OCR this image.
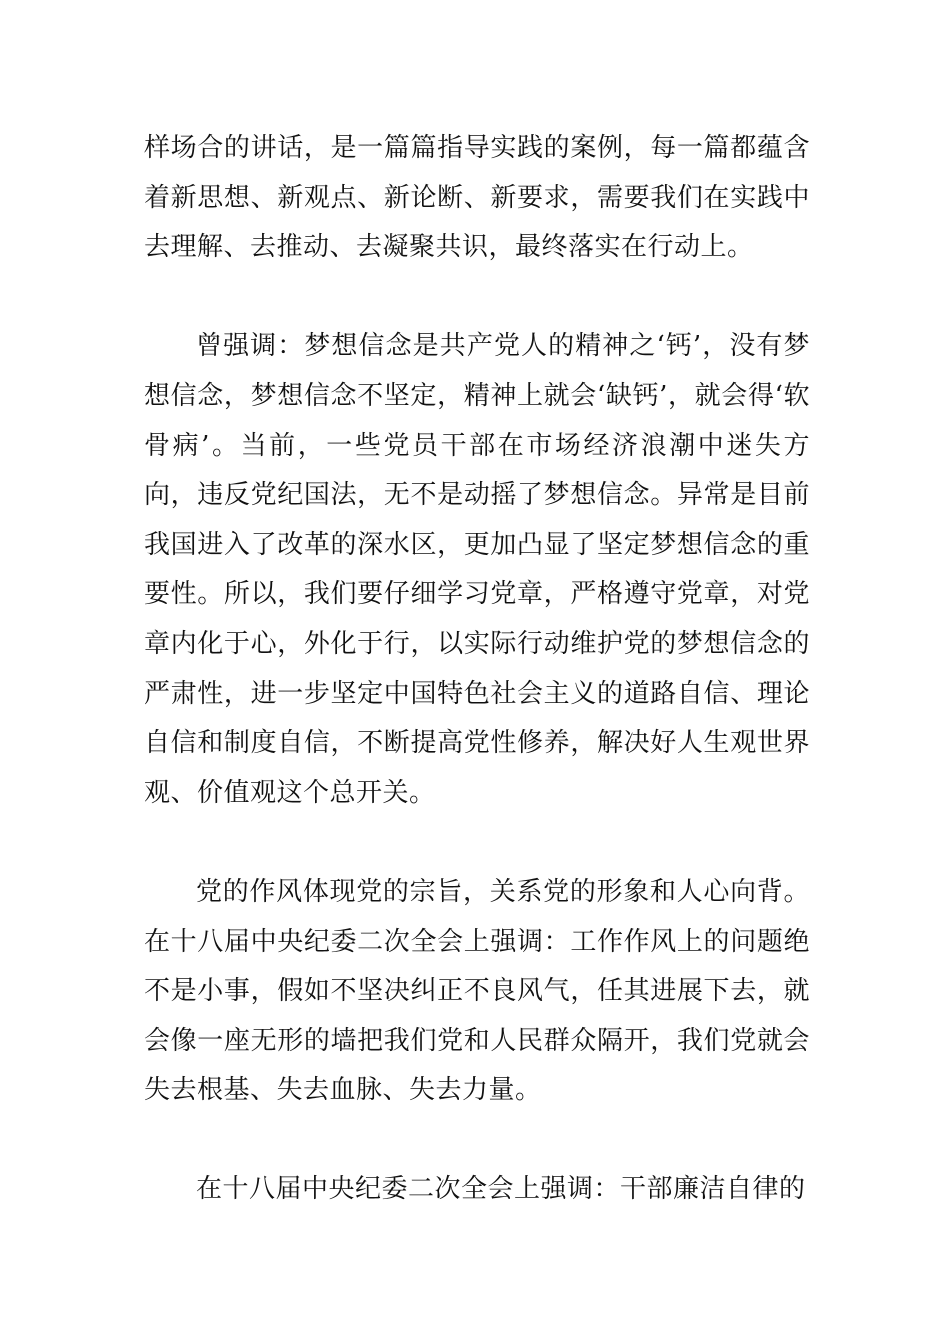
样场合的讲话，是一篇篇指导实践的案例，每一篇都蕴含着新思想、新观点、新论断、新要求，需要我们在实践中去理解、去推动、去凝聚共识，最终落实在行动上。

曾强调：梦想信念是共产党人的精神之‘钙’，没有梦想信念，梦想信念不坚定，精神上就会‘缺钙’，就会得‘软骨病’。当前，一些党员干部在市场经济浪潮中迷失方向，违反党纪国法，无不是动摇了梦想信念。异常是目前我国进入了改革的深水区，更加凸显了坚定梦想信念的重要性。所以，我们要仔细学习党章，严格遵守党章，对党章内化于心，外化于行，以实际行动维护党的梦想信念的严肃性，进一步坚定中国特色社会主义的道路自信、理论自信和制度自信，不断提高党性修养，解决好人生观世界观、价值观这个总开关。

党的作风体现党的宗旨，关系党的形象和人心向背。在十八届中央纪委二次全会上强调：工作作风上的问题绝不是小事，假如不坚决纠正不良风气，任其进展下去，就会像一座无形的墙把我们党和人民群众隔开，我们党就会失去根基、失去血脉、失去力量。

在十八届中央纪委二次全会上强调：干部廉洁自律的
